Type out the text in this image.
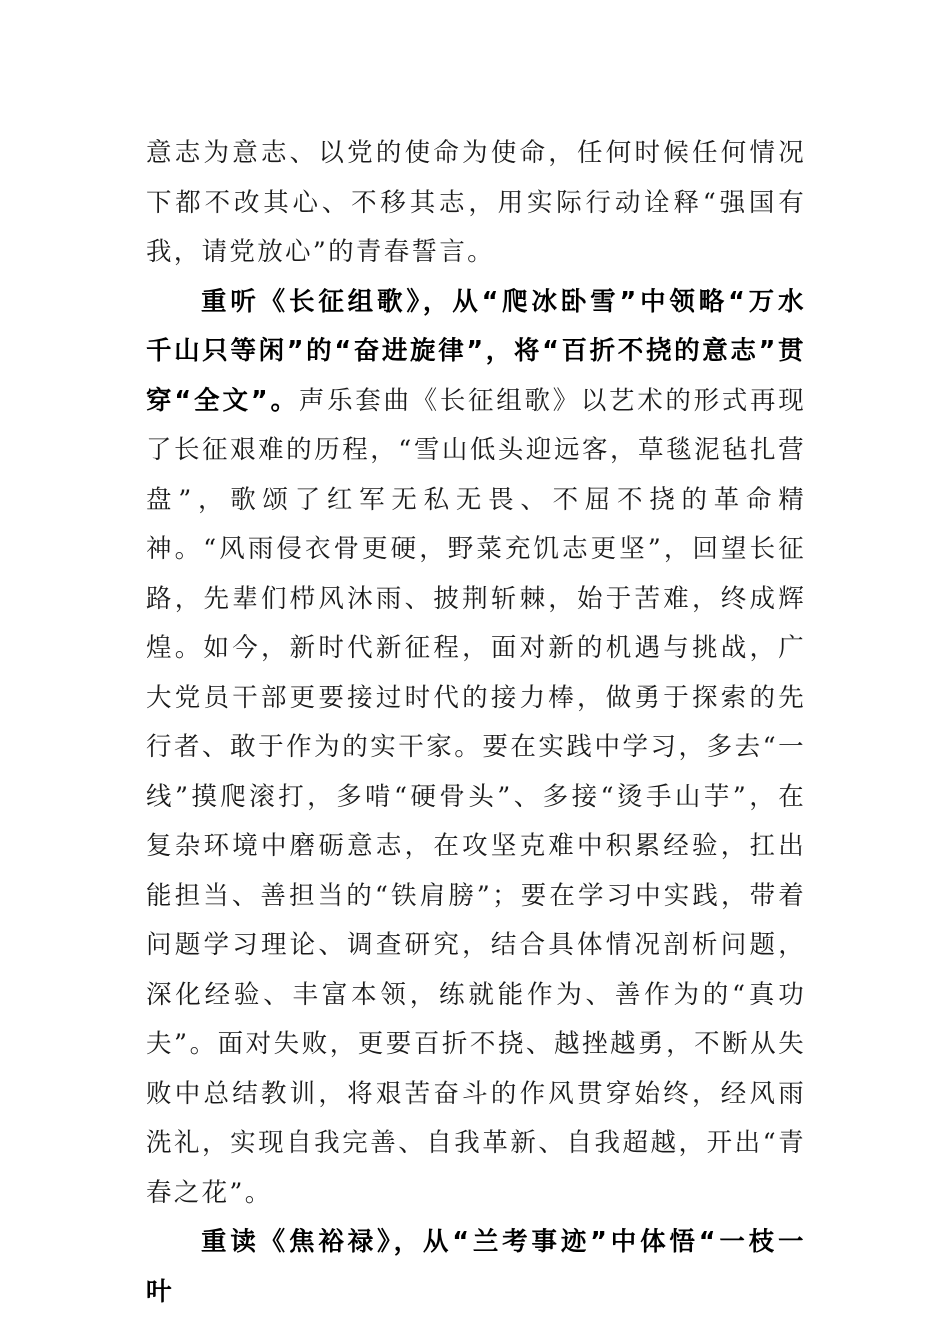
意志为意志、以党的使命为使命，任何时候任何情况下都不改其心、不移其志，用实际行动诠释“强国有我，请党放心”的青春誓言。

重听《长征组歌》，从“爬冰卧雪”中领略“万水千山只等闲”的“奋进旋律”，将“百折不挠的意志”贯穿“全文”。声乐套曲《长征组歌》以艺术的形式再现了长征艰难的历程，“雪山低头迎远客，草毯泥毡扎营盘”，歌颂了红军无私无畏、不屈不挠的革命精神。“风雨侵衣骨更硬，野菜充饥志更坚”，回望长征路，先辈们栉风沐雨、披荆斩棘，始于苦难，终成辉煌。如今，新时代新征程，面对新的机遇与挑战，广大党员干部更要接过时代的接力棒，做勇于探索的先行者、敢于作为的实干家。要在实践中学习，多去“一线”摸爬滚打，多啃“硬骨头”、多接“烫手山芋”，在复杂环境中磨砺意志，在攻坚克难中积累经验，扛出能担当、善担当的“铁肩膀”；要在学习中实践，带着问题学习理论、调查研究，结合具体情况剖析问题，深化经验、丰富本领，练就能作为、善作为的“真功夫”。面对失败，更要百折不挠、越挫越勇，不断从失败中总结教训，将艰苦奋斗的作风贯穿始终，经风雨洗礼，实现自我完善、自我革新、自我超越，开出“青春之花”。

重读《焦裕禄》，从“兰考事迹”中体悟“一枝一叶
